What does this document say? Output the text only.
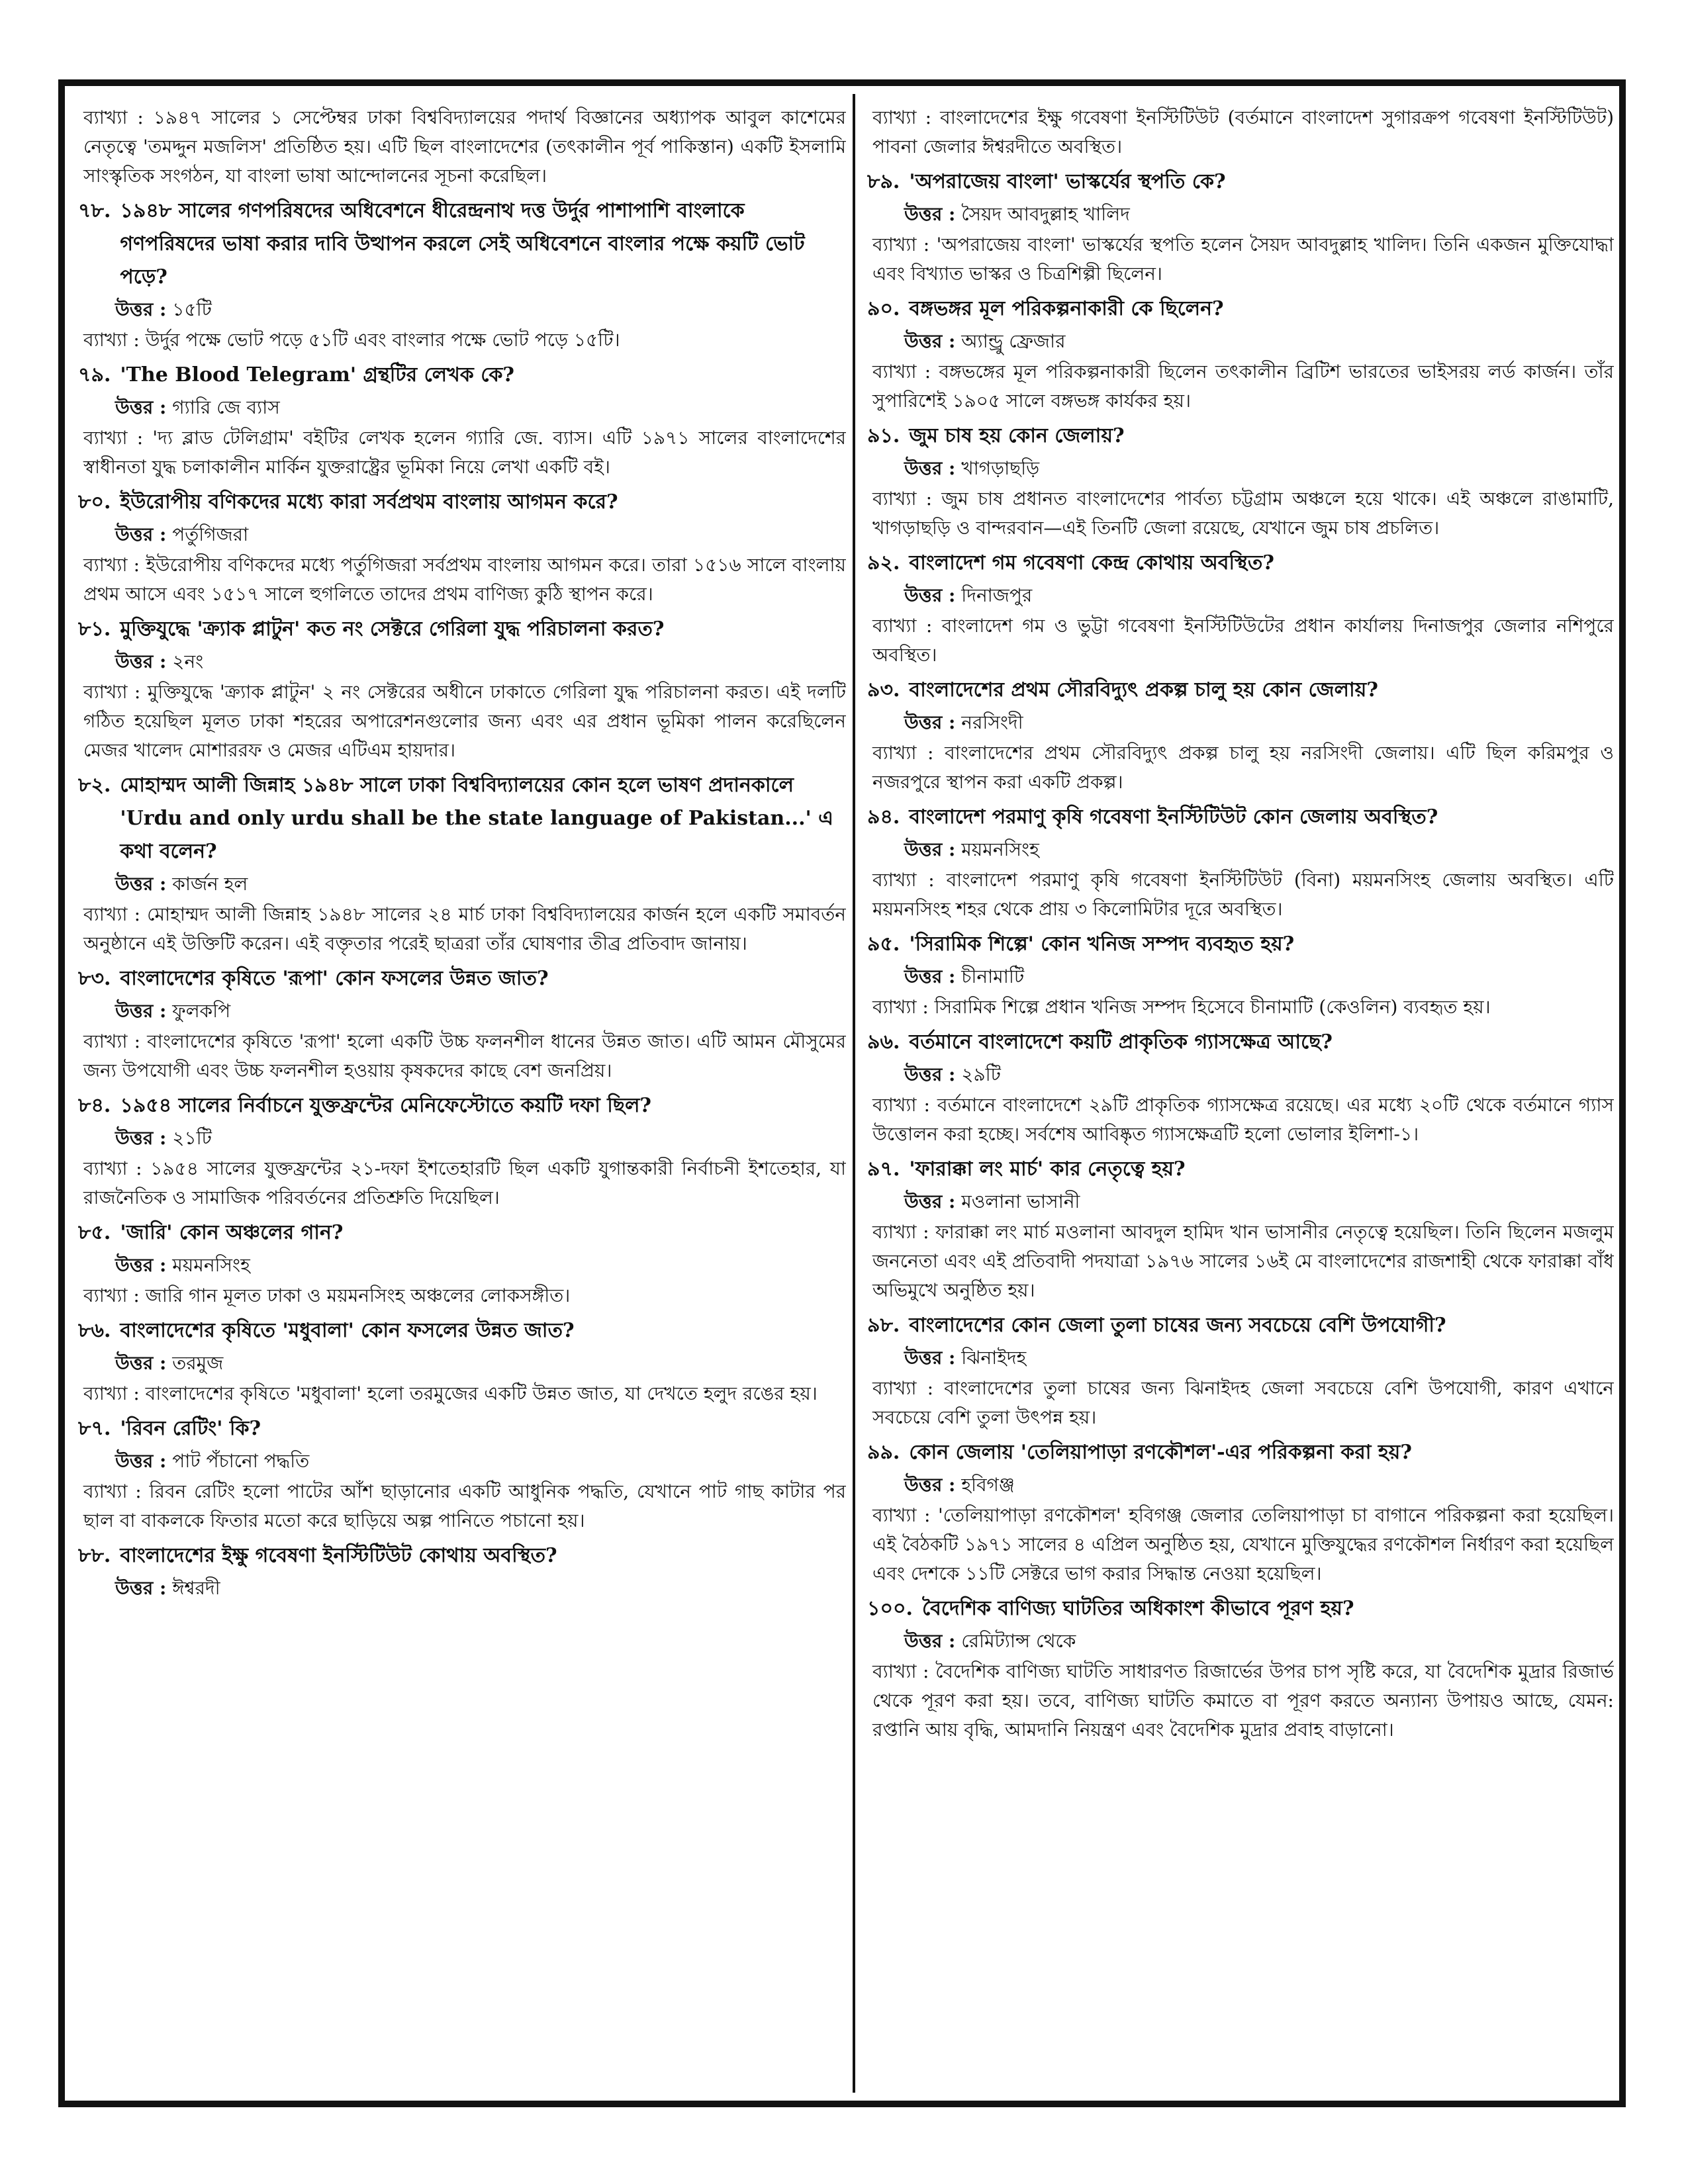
ব্যাখ্যা : ১৯৪৭ সালের ১ সেপ্টেম্বর ঢাকা বিশ্ববিদ্যালয়ের পদার্থ বিজ্ঞানের অধ্যাপক আবুল কাশেমের নেতৃত্বে 'তমদ্দুন মজলিস' প্রতিষ্ঠিত হয়। এটি ছিল বাংলাদেশের (তৎকালীন পূর্ব পাকিস্তান) একটি ইসলামি সাংস্কৃতিক সংগঠন, যা বাংলা ভাষা আন্দোলনের সূচনা করেছিল।
৭৮. ১৯৪৮ সালের গণপরিষদের অধিবেশনে ধীরেন্দ্রনাথ দত্ত উর্দুর পাশাপাশি বাংলাকে গণপরিষদের ভাষা করার দাবি উত্থাপন করলে সেই অধিবেশনে বাংলার পক্ষে কয়টি ভোট পড়ে?
উত্তর : ১৫টি
ব্যাখ্যা : উর্দুর পক্ষে ভোট পড়ে ৫১টি এবং বাংলার পক্ষে ভোট পড়ে ১৫টি।
৭৯. 'The Blood Telegram' গ্রন্থটির লেখক কে?
উত্তর : গ্যারি জে ব্যাস
ব্যাখ্যা : 'দ্য ব্লাড টেলিগ্রাম' বইটির লেখক হলেন গ্যারি জে. ব্যাস। এটি ১৯৭১ সালের বাংলাদেশের স্বাধীনতা যুদ্ধ চলাকালীন মার্কিন যুক্তরাষ্ট্রের ভূমিকা নিয়ে লেখা একটি বই।
৮০. ইউরোপীয় বণিকদের মধ্যে কারা সর্বপ্রথম বাংলায় আগমন করে?
উত্তর : পর্তুগিজরা
ব্যাখ্যা : ইউরোপীয় বণিকদের মধ্যে পর্তুগিজরা সর্বপ্রথম বাংলায় আগমন করে। তারা ১৫১৬ সালে বাংলায় প্রথম আসে এবং ১৫১৭ সালে হুগলিতে তাদের প্রথম বাণিজ্য কুঠি স্থাপন করে।
৮১. মুক্তিযুদ্ধে 'ক্র্যাক প্লাটুন' কত নং সেক্টরে গেরিলা যুদ্ধ পরিচালনা করত?
উত্তর : ২নং
ব্যাখ্যা : মুক্তিযুদ্ধে 'ক্র্যাক প্লাটুন' ২ নং সেক্টরের অধীনে ঢাকাতে গেরিলা যুদ্ধ পরিচালনা করত। এই দলটি গঠিত হয়েছিল মূলত ঢাকা শহরের অপারেশনগুলোর জন্য এবং এর প্রধান ভূমিকা পালন করেছিলেন মেজর খালেদ মোশাররফ ও মেজর এটিএম হায়দার।
৮২. মোহাম্মদ আলী জিন্নাহ ১৯৪৮ সালে ঢাকা বিশ্ববিদ্যালয়ের কোন হলে ভাষণ প্রদানকালে 'Urdu and only urdu shall be the state language of Pakistan...' এ কথা বলেন?
উত্তর : কার্জন হল
ব্যাখ্যা : মোহাম্মদ আলী জিন্নাহ ১৯৪৮ সালের ২৪ মার্চ ঢাকা বিশ্ববিদ্যালয়ের কার্জন হলে একটি সমাবর্তন অনুষ্ঠানে এই উক্তিটি করেন। এই বক্তৃতার পরেই ছাত্ররা তাঁর ঘোষণার তীব্র প্রতিবাদ জানায়।
৮৩. বাংলাদেশের কৃষিতে 'রূপা' কোন ফসলের উন্নত জাত?
উত্তর : ফুলকপি
ব্যাখ্যা : বাংলাদেশের কৃষিতে 'রূপা' হলো একটি উচ্চ ফলনশীল ধানের উন্নত জাত। এটি আমন মৌসুমের জন্য উপযোগী এবং উচ্চ ফলনশীল হওয়ায় কৃষকদের কাছে বেশ জনপ্রিয়।
৮৪. ১৯৫৪ সালের নির্বাচনে যুক্তফ্রন্টের মেনিফেস্টোতে কয়টি দফা ছিল?
উত্তর : ২১টি
ব্যাখ্যা : ১৯৫৪ সালের যুক্তফ্রন্টের ২১-দফা ইশতেহারটি ছিল একটি যুগান্তকারী নির্বাচনী ইশতেহার, যা রাজনৈতিক ও সামাজিক পরিবর্তনের প্রতিশ্রুতি দিয়েছিল।
৮৫. 'জারি' কোন অঞ্চলের গান?
উত্তর : ময়মনসিংহ
ব্যাখ্যা : জারি গান মূলত ঢাকা ও ময়মনসিংহ অঞ্চলের লোকসঙ্গীত।
৮৬. বাংলাদেশের কৃষিতে 'মধুবালা' কোন ফসলের উন্নত জাত?
উত্তর : তরমুজ
ব্যাখ্যা : বাংলাদেশের কৃষিতে 'মধুবালা' হলো তরমুজের একটি উন্নত জাত, যা দেখতে হলুদ রঙের হয়।
৮৭. 'রিবন রেটিং' কি?
উত্তর : পাট পঁচানো পদ্ধতি
ব্যাখ্যা : রিবন রেটিং হলো পাটের আঁশ ছাড়ানোর একটি আধুনিক পদ্ধতি, যেখানে পাট গাছ কাটার পর ছাল বা বাকলকে ফিতার মতো করে ছাড়িয়ে অল্প পানিতে পচানো হয়।
৮৮. বাংলাদেশের ইক্ষু গবেষণা ইনস্টিটিউট কোথায় অবস্থিত?
উত্তর : ঈশ্বরদী
ব্যাখ্যা : বাংলাদেশের ইক্ষু গবেষণা ইনস্টিটিউট (বর্তমানে বাংলাদেশ সুগারক্রপ গবেষণা ইনস্টিটিউট) পাবনা জেলার ঈশ্বরদীতে অবস্থিত।
৮৯. 'অপরাজেয় বাংলা' ভাস্কর্যের স্থপতি কে?
উত্তর : সৈয়দ আবদুল্লাহ খালিদ
ব্যাখ্যা : 'অপরাজেয় বাংলা' ভাস্কর্যের স্থপতি হলেন সৈয়দ আবদুল্লাহ খালিদ। তিনি একজন মুক্তিযোদ্ধা এবং বিখ্যাত ভাস্কর ও চিত্রশিল্পী ছিলেন।
৯০. বঙ্গভঙ্গর মূল পরিকল্পনাকারী কে ছিলেন?
উত্তর : অ্যান্ড্রু ফ্রেজার
ব্যাখ্যা : বঙ্গভঙ্গের মূল পরিকল্পনাকারী ছিলেন তৎকালীন ব্রিটিশ ভারতের ভাইসরয় লর্ড কার্জন। তাঁর সুপারিশেই ১৯০৫ সালে বঙ্গভঙ্গ কার্যকর হয়।
৯১. জুম চাষ হয় কোন জেলায়?
উত্তর : খাগড়াছড়ি
ব্যাখ্যা : জুম চাষ প্রধানত বাংলাদেশের পার্বত্য চট্টগ্রাম অঞ্চলে হয়ে থাকে। এই অঞ্চলে রাঙামাটি, খাগড়াছড়ি ও বান্দরবান—এই তিনটি জেলা রয়েছে, যেখানে জুম চাষ প্রচলিত।
৯২. বাংলাদেশ গম গবেষণা কেন্দ্র কোথায় অবস্থিত?
উত্তর : দিনাজপুর
ব্যাখ্যা : বাংলাদেশ গম ও ভুট্টা গবেষণা ইনস্টিটিউটের প্রধান কার্যালয় দিনাজপুর জেলার নশিপুরে অবস্থিত।
৯৩. বাংলাদেশের প্রথম সৌরবিদ্যুৎ প্রকল্প চালু হয় কোন জেলায়?
উত্তর : নরসিংদী
ব্যাখ্যা : বাংলাদেশের প্রথম সৌরবিদ্যুৎ প্রকল্প চালু হয় নরসিংদী জেলায়। এটি ছিল করিমপুর ও নজরপুরে স্থাপন করা একটি প্রকল্প।
৯৪. বাংলাদেশ পরমাণু কৃষি গবেষণা ইনস্টিটিউট কোন জেলায় অবস্থিত?
উত্তর : ময়মনসিংহ
ব্যাখ্যা : বাংলাদেশ পরমাণু কৃষি গবেষণা ইনস্টিটিউট (বিনা) ময়মনসিংহ জেলায় অবস্থিত। এটি ময়মনসিংহ শহর থেকে প্রায় ৩ কিলোমিটার দূরে অবস্থিত।
৯৫. 'সিরামিক শিল্পে' কোন খনিজ সম্পদ ব্যবহৃত হয়?
উত্তর : চীনামাটি
ব্যাখ্যা : সিরামিক শিল্পে প্রধান খনিজ সম্পদ হিসেবে চীনামাটি (কেওলিন) ব্যবহৃত হয়।
৯৬. বর্তমানে বাংলাদেশে কয়টি প্রাকৃতিক গ্যাসক্ষেত্র আছে?
উত্তর : ২৯টি
ব্যাখ্যা : বর্তমানে বাংলাদেশে ২৯টি প্রাকৃতিক গ্যাসক্ষেত্র রয়েছে। এর মধ্যে ২০টি থেকে বর্তমানে গ্যাস উত্তোলন করা হচ্ছে। সর্বশেষ আবিষ্কৃত গ্যাসক্ষেত্রটি হলো ভোলার ইলিশা-১।
৯৭. 'ফারাক্কা লং মার্চ' কার নেতৃত্বে হয়?
উত্তর : মওলানা ভাসানী
ব্যাখ্যা : ফারাক্কা লং মার্চ মওলানা আবদুল হামিদ খান ভাসানীর নেতৃত্বে হয়েছিল। তিনি ছিলেন মজলুম জননেতা এবং এই প্রতিবাদী পদযাত্রা ১৯৭৬ সালের ১৬ই মে বাংলাদেশের রাজশাহী থেকে ফারাক্কা বাঁধ অভিমুখে অনুষ্ঠিত হয়।
৯৮. বাংলাদেশের কোন জেলা তুলা চাষের জন্য সবচেয়ে বেশি উপযোগী?
উত্তর : ঝিনাইদহ
ব্যাখ্যা : বাংলাদেশের তুলা চাষের জন্য ঝিনাইদহ জেলা সবচেয়ে বেশি উপযোগী, কারণ এখানে সবচেয়ে বেশি তুলা উৎপন্ন হয়।
৯৯. কোন জেলায় 'তেলিয়াপাড়া রণকৌশল'-এর পরিকল্পনা করা হয়?
উত্তর : হবিগঞ্জ
ব্যাখ্যা : 'তেলিয়াপাড়া রণকৌশল' হবিগঞ্জ জেলার তেলিয়াপাড়া চা বাগানে পরিকল্পনা করা হয়েছিল। এই বৈঠকটি ১৯৭১ সালের ৪ এপ্রিল অনুষ্ঠিত হয়, যেখানে মুক্তিযুদ্ধের রণকৌশল নির্ধারণ করা হয়েছিল এবং দেশকে ১১টি সেক্টরে ভাগ করার সিদ্ধান্ত নেওয়া হয়েছিল।
১০০. বৈদেশিক বাণিজ্য ঘাটতির অধিকাংশ কীভাবে পূরণ হয়?
উত্তর : রেমিট্যান্স থেকে
ব্যাখ্যা : বৈদেশিক বাণিজ্য ঘাটতি সাধারণত রিজার্ভের উপর চাপ সৃষ্টি করে, যা বৈদেশিক মুদ্রার রিজার্ভ থেকে পূরণ করা হয়। তবে, বাণিজ্য ঘাটতি কমাতে বা পূরণ করতে অন্যান্য উপায়ও আছে, যেমন: রপ্তানি আয় বৃদ্ধি, আমদানি নিয়ন্ত্রণ এবং বৈদেশিক মুদ্রার প্রবাহ বাড়ানো।
